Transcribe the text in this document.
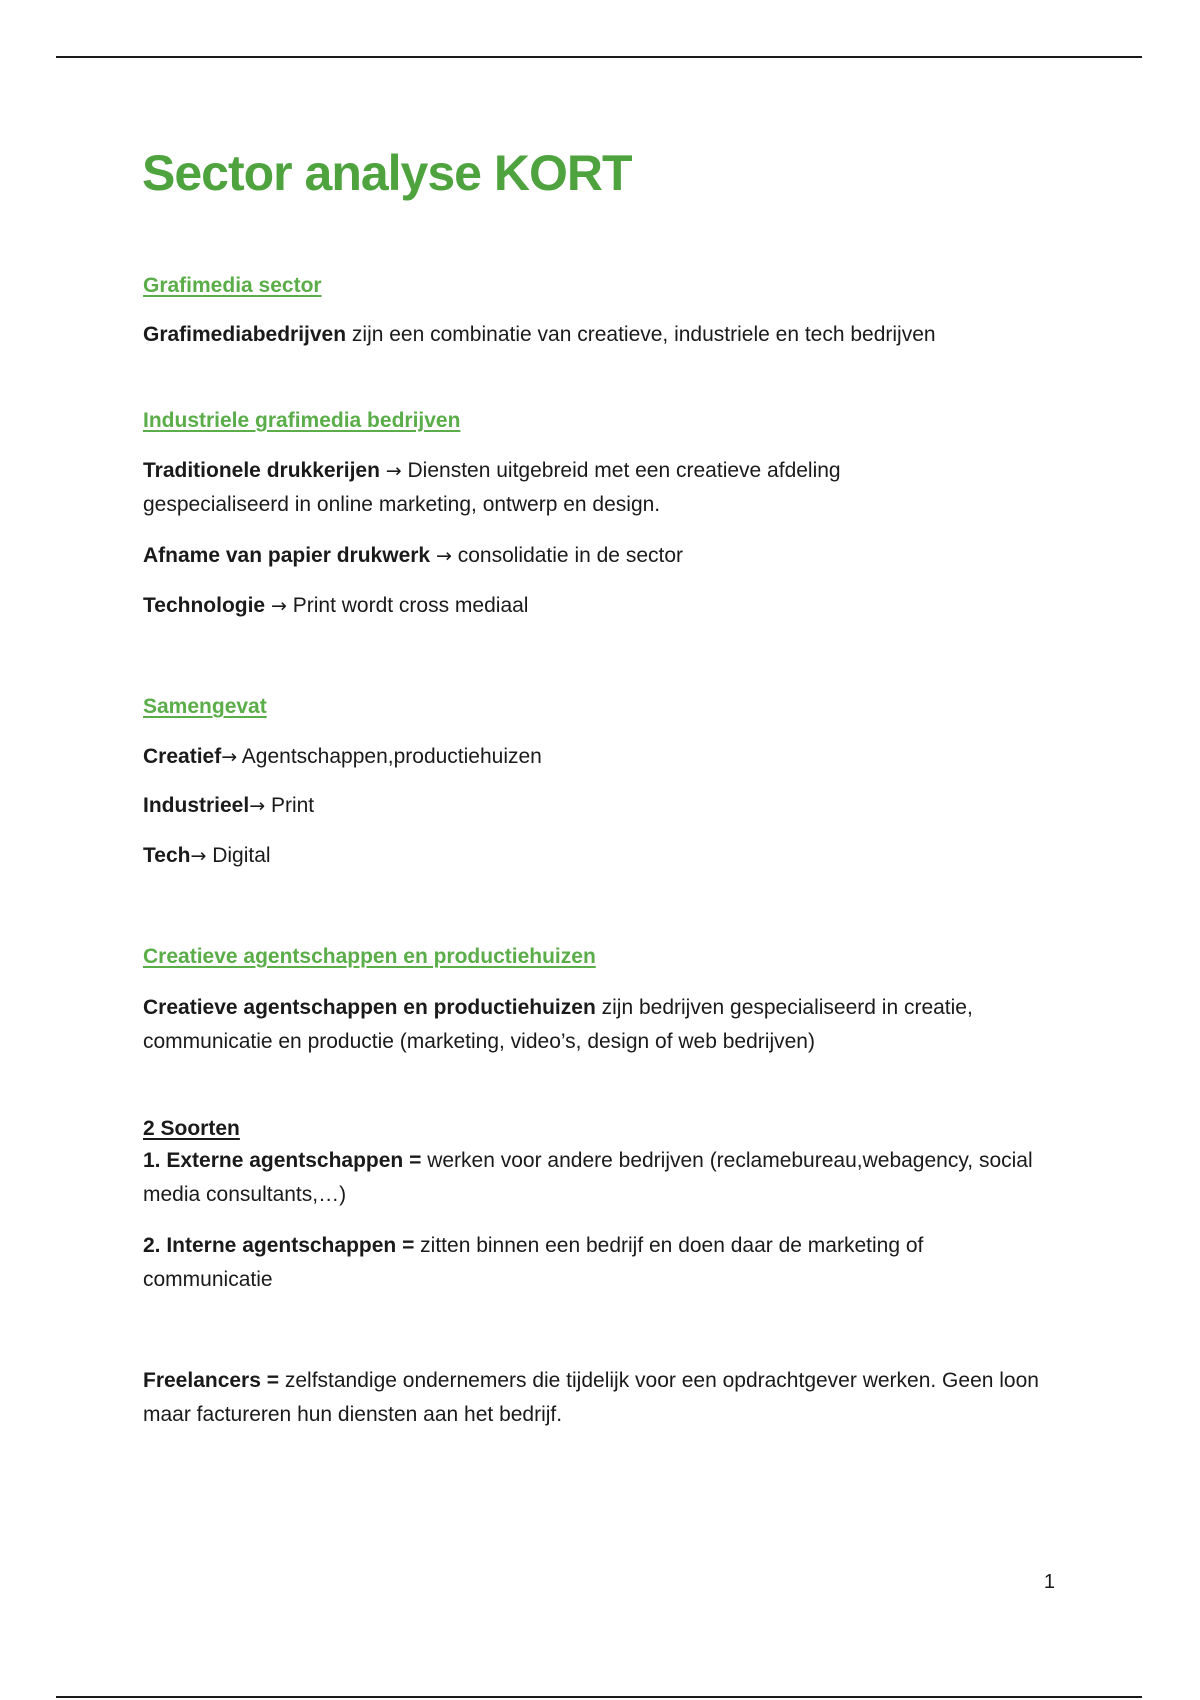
Sector analyse KORT
Grafimedia sector

Grafimediabedrijven zijn een combinatie van creatieve, industriele en tech bedrijven

Industriele grafimedia bedrijven

Traditionele drukkerijen → Diensten uitgebreid met een creatieve afdeling gespecialiseerd in online marketing, ontwerp en design.

Afname van papier drukwerk → consolidatie in de sector

Technologie → Print wordt cross mediaal

Samengevat

Creatief→ Agentschappen,productiehuizen

Industrieel→ Print

Tech→ Digital

Creatieve agentschappen en productiehuizen

Creatieve agentschappen en productiehuizen zijn bedrijven gespecialiseerd in creatie, communicatie en productie (marketing, video’s, design of web bedrijven)

2 Soorten

1. Externe agentschappen = werken voor andere bedrijven (reclamebureau,webagency, social media consultants,…)

2. Interne agentschappen = zitten binnen een bedrijf en doen daar de marketing of communicatie

Freelancers = zelfstandige ondernemers die tijdelijk voor een opdrachtgever werken. Geen loon maar factureren hun diensten aan het bedrijf.

1
